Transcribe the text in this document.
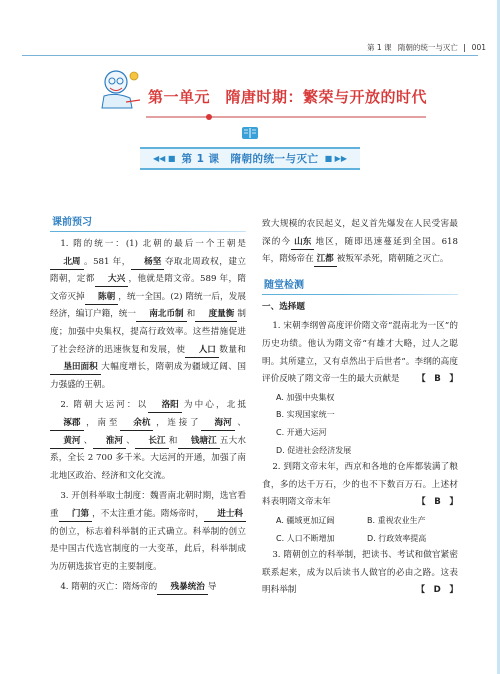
第 1 课 隋朝的统一与灭亡 001
第一单元　隋唐时期：繁荣与开放的时代
◀◀ ■ 第 1 课　隋朝的统一与灭亡 ■ ▶▶
课前预习

1. 隋的统一：(1) 北朝的最后一个王朝是北周 。581 年， 杨坚 夺取北周政权，建立隋朝，定都 大兴 ，他就是隋文帝。589 年，隋文帝灭掉 陈朝 ，统一全国。(2) 隋统一后，发展经济，编订户籍，统一 南北币制 和 度量衡 制度；加强中央集权，提高行政效率。这些措施促进了社会经济的迅速恢复和发展，使 人口 数量和垦田面积 大幅度增长，隋朝成为疆域辽阔、国力强盛的王朝。

2. 隋朝大运河：以 洛阳 为中心，北抵涿郡 ，南至 余杭 ，连接了 海河 、黄河 、 淮河 、 长江 和 钱塘江 五大水系，全长 2 700 多千米。大运河的开通，加强了南北地区政治、经济和文化交流。

3. 开创科举取士制度：魏晋南北朝时期，选官看重 门第 ，不太注重才能。隋炀帝时， 进士科的创立，标志着科举制的正式确立。科举制的创立是中国古代选官制度的一大变革，此后，科举制成为历朝选拔官吏的主要制度。

4. 隋朝的灭亡：隋炀帝的 残暴统治 导

致大规模的农民起义，起义首先爆发在人民受害最深的今 山东 地区，随即迅速蔓延到全国。618 年，隋炀帝在 江都 被叛军杀死，隋朝随之灭亡。

随堂检测
一、选择题
1. 宋朝李纲曾高度评价隋文帝“混南北为一区”的历史功绩。他认为隋文帝“有雄才大略，过人之聪明。其所建立，又有卓然出于后世者”。李纲的高度评价反映了隋文帝一生的最大贡献是	【　B　】
A. 加强中央集权
B. 实现国家统一
C. 开通大运河
D. 促进社会经济发展
2. 到隋文帝末年，西京和各地的仓库都装满了粮食，多的达千万石，少的也不下数百万石。上述材料表明隋文帝末年	【　B　】
A. 疆域更加辽阔	B. 重视农业生产
C. 人口不断增加	D. 行政效率提高
3. 隋朝创立的科举制，把读书、考试和做官紧密联系起来，成为以后读书人做官的必由之路。这表明科举制	【　D　】
